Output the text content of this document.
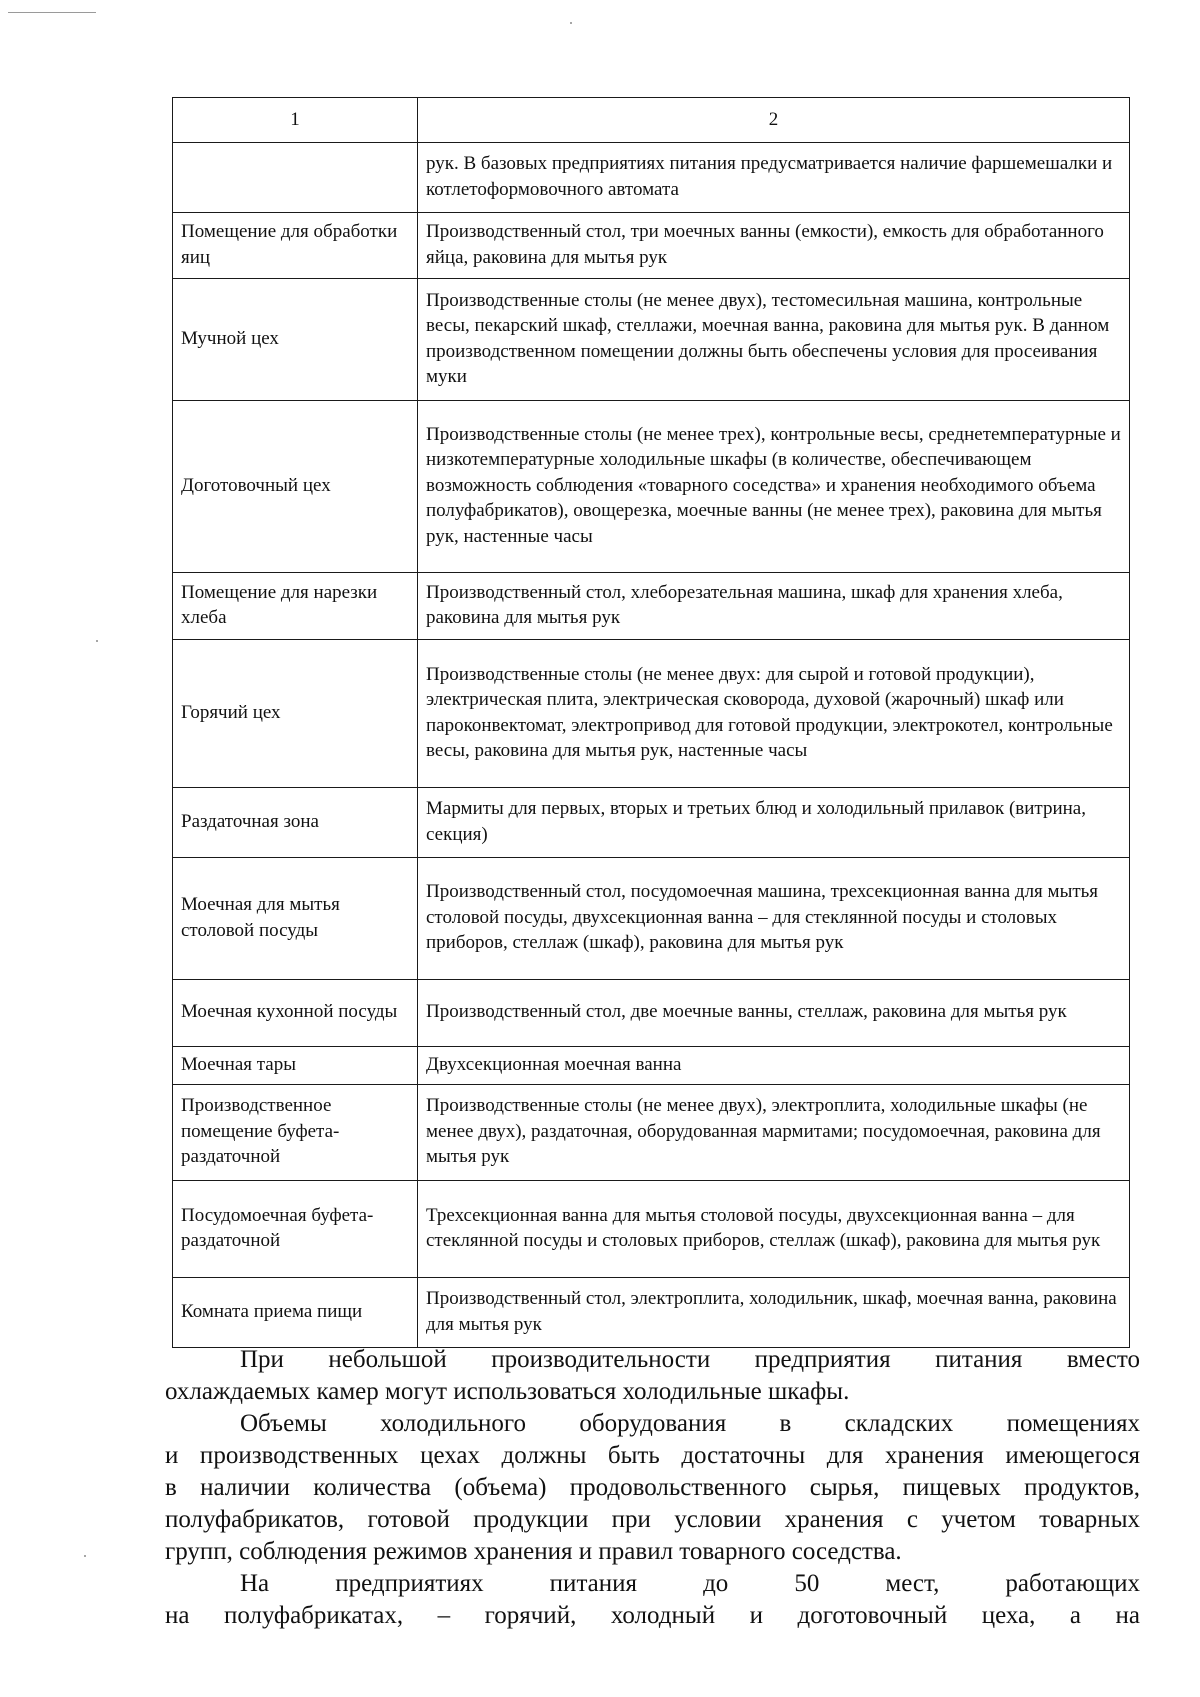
1	2
	рук. В базовых предприятиях питания предусматривается наличие фаршемешалки и котлетоформовочного автомата
Помещение для обработки яиц	Производственный стол, три моечных ванны (емкости), емкость для обработанного яйца, раковина для мытья рук
Мучной цех	Производственные столы (не менее двух), тестомесильная машина, контрольные весы, пекарский шкаф, стеллажи, моечная ванна, раковина для мытья рук. В данном производственном помещении должны быть обеспечены условия для просеивания муки
Доготовочный цех	Производственные столы (не менее трех), контрольные весы, среднетемпературные и низкотемпературные холодильные шкафы (в количестве, обеспечивающем возможность соблюдения «товарного соседства» и хранения необходимого объема полуфабрикатов), овощерезка, моечные ванны (не менее трех), раковина для мытья рук, настенные часы
Помещение для нарезки хлеба	Производственный стол, хлеборезательная машина, шкаф для хранения хлеба, раковина для мытья рук
Горячий цех	Производственные столы (не менее двух: для сырой и готовой продукции), электрическая плита, электрическая сковорода, духовой (жарочный) шкаф или пароконвектомат, электропривод для готовой продукции, электрокотел, контрольные весы, раковина для мытья рук, настенные часы
Раздаточная зона	Мармиты для первых, вторых и третьих блюд и холодильный прилавок (витрина, секция)
Моечная для мытья столовой посуды	Производственный стол, посудомоечная машина, трехсекционная ванна для мытья столовой посуды, двухсекционная ванна – для стеклянной посуды и столовых приборов, стеллаж (шкаф), раковина для мытья рук
Моечная кухонной посуды	Производственный стол, две моечные ванны, стеллаж, раковина для мытья рук
Моечная тары	Двухсекционная моечная ванна
Производственное помещение буфета-раздаточной	Производственные столы (не менее двух), электроплита, холодильные шкафы (не менее двух), раздаточная, оборудованная мармитами; посудомоечная, раковина для мытья рук
Посудомоечная буфета-раздаточной	Трехсекционная ванна для мытья столовой посуды, двухсекционная ванна – для стеклянной посуды и столовых приборов, стеллаж (шкаф), раковина для мытья рук
Комната приема пищи	Производственный стол, электроплита, холодильник, шкаф, моечная ванна, раковина для мытья рук

При небольшой производительности предприятия питания вместо

охлаждаемых камер могут использоваться холодильные шкафы.

Объемы холодильного оборудования в складских помещениях

и производственных цехах должны быть достаточны для хранения имеющегося

в наличии количества (объема) продовольственного сырья, пищевых продуктов,

полуфабрикатов, готовой продукции при условии хранения с учетом товарных

групп, соблюдения режимов хранения и правил товарного соседства.

На предприятиях питания до 50 мест, работающих

на полуфабрикатах, – горячий, холодный и доготовочный цеха, а на
